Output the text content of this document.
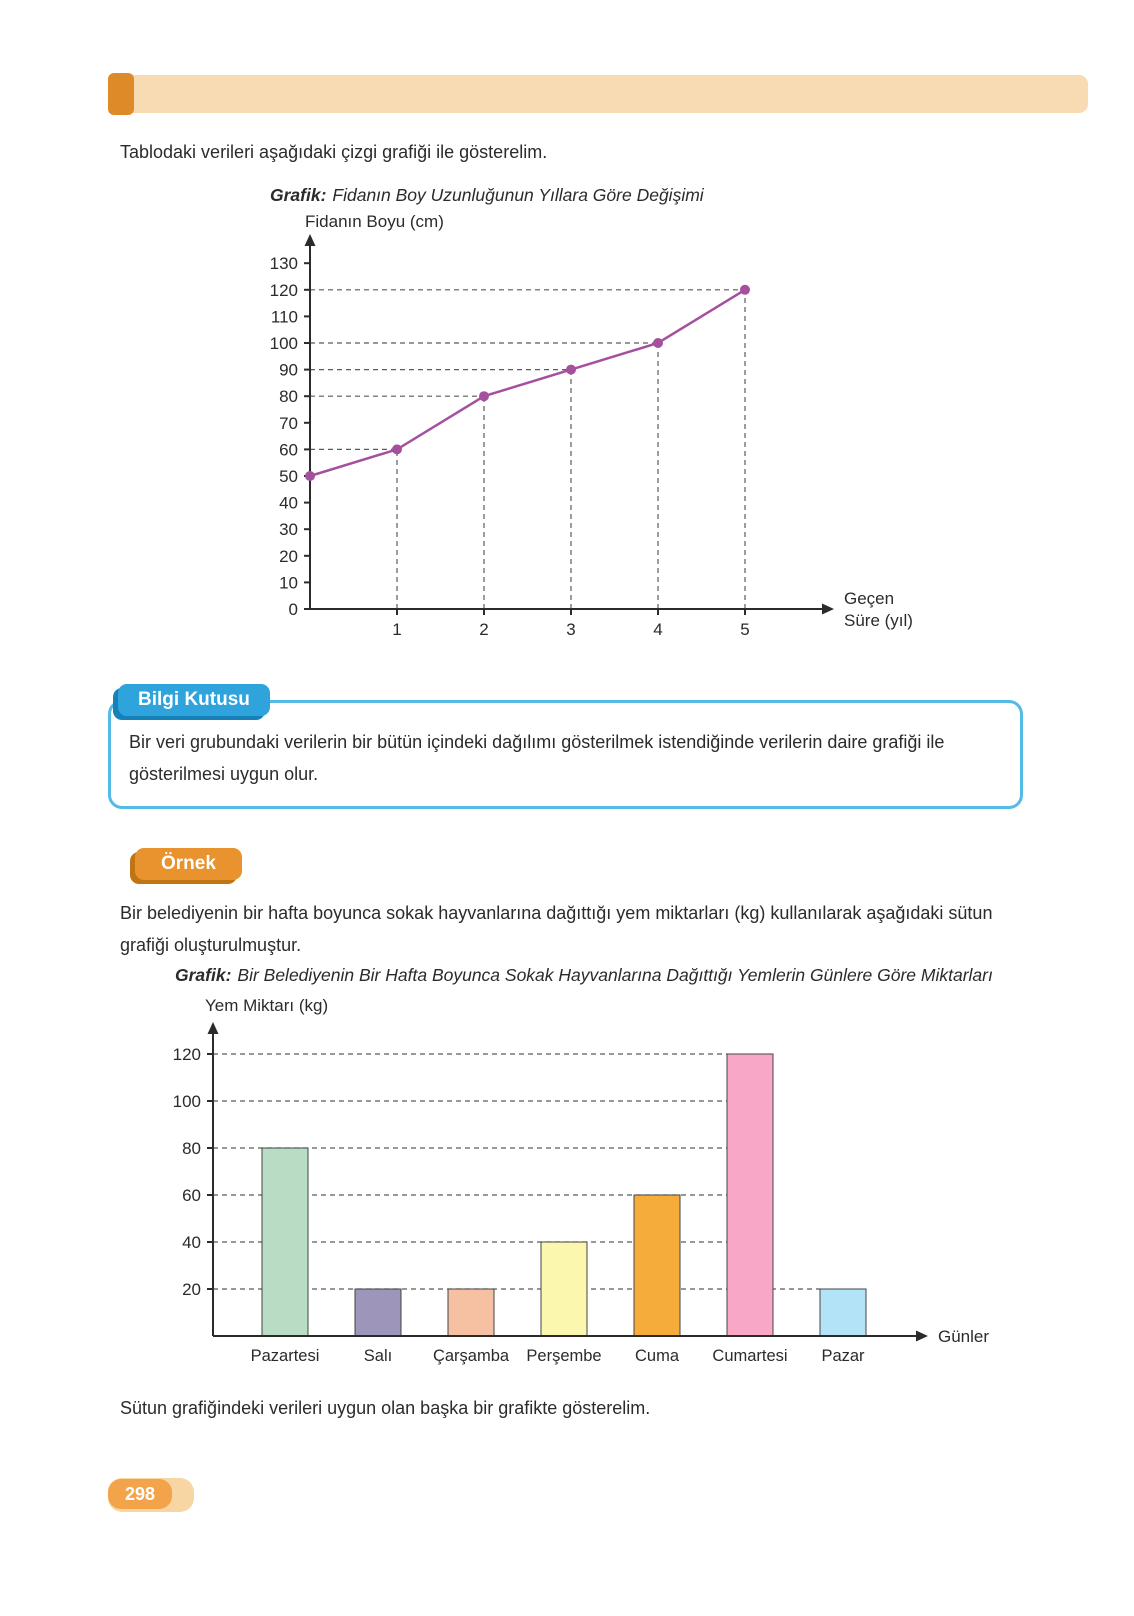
Tablodaki verileri aşağıdaki çizgi grafiği ile gösterelim.

Grafik: Fidanın Boy Uzunluğunun Yıllara Göre Değişimi
Fidanın Boyu (cm)
0
10
20
30
40
50
60
70
80
90
100
110
120
130
1	2	3	4	5
Geçen
Süre (yıl)
Bilgi Kutusu

Bir veri grubundaki verilerin bir bütün içindeki dağılımı gösterilmek istendiğinde verilerin daire grafiği ile gösterilmesi uygun olur.

Örnek

Bir belediyenin bir hafta boyunca sokak hayvanlarına dağıttığı yem miktarları (kg) kullanılarak aşağıdaki sütun grafiği oluşturulmuştur.

Grafik: Bir Belediyenin Bir Hafta Boyunca Sokak Hayvanlarına Dağıttığı Yemlerin Günlere Göre Miktarları
Yem Miktarı (kg)
20
40
60
80
100
120
Pazartesi	Salı Çarşamba Perşembe Cuma Cumartesi Pazar
Günler

Sütun grafiğindeki verileri uygun olan başka bir grafikte gösterelim.

298
